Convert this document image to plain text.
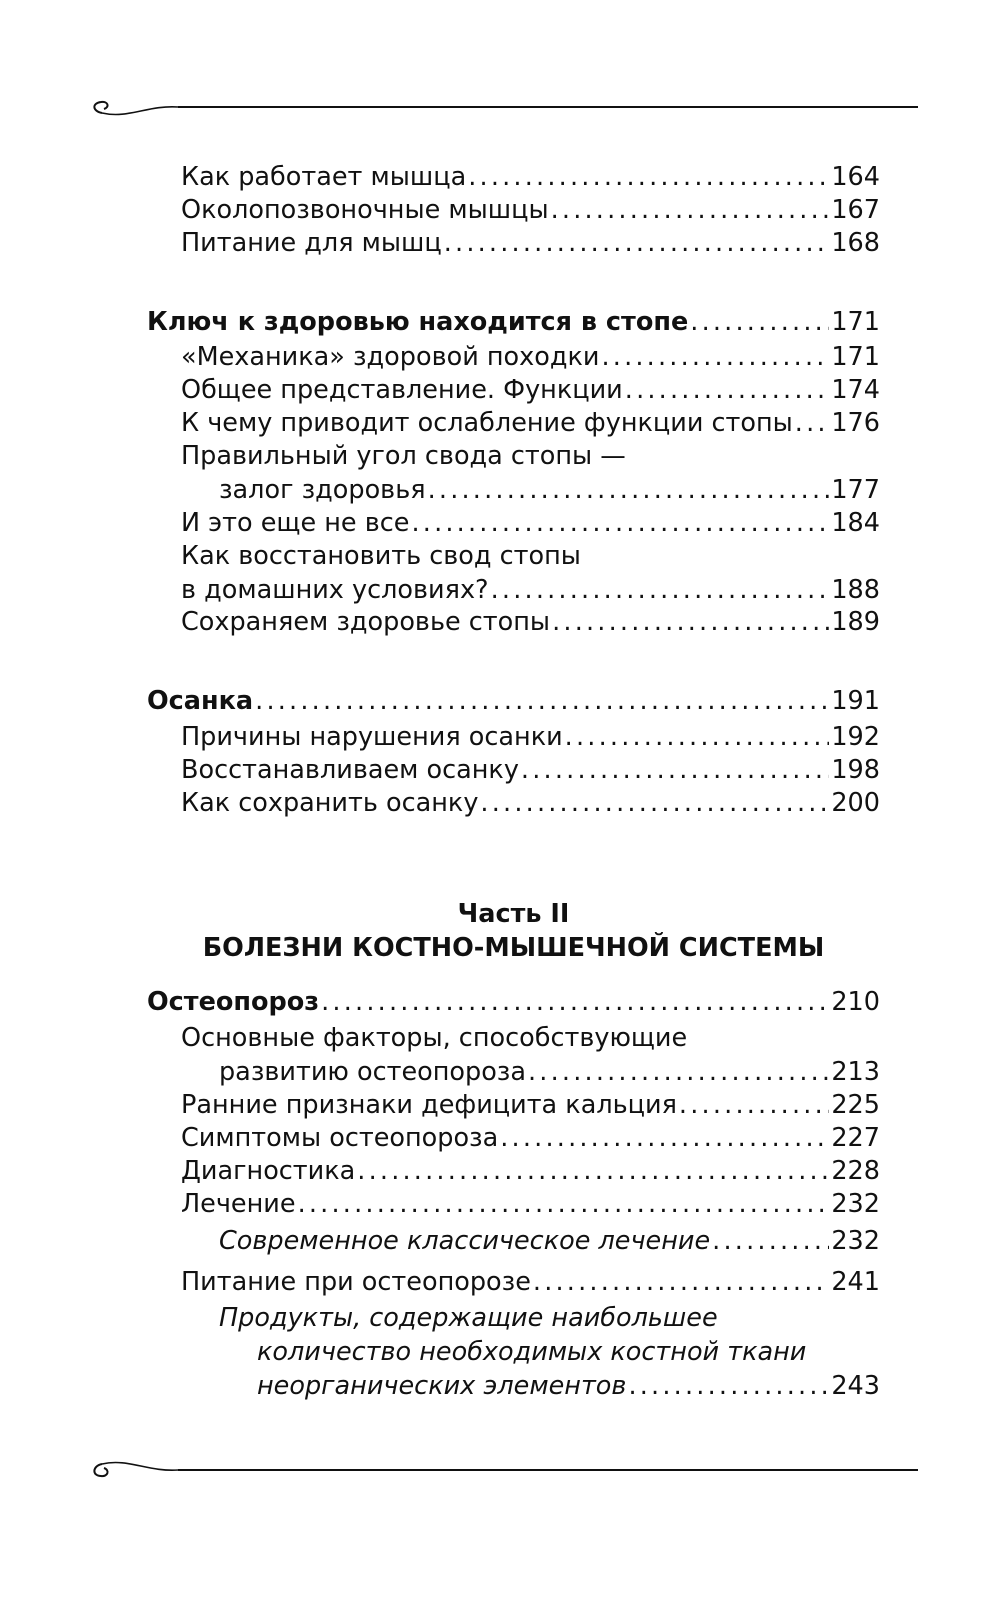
Как работает мышца .....	164
Околопозвоночные мышцы .....	167
Питание для мышц .....	168
Ключ к здоровью находится в стопе .....	171
«Механика» здоровой походки .....	171
Общее представление. Функции .....	174
К чему приводит ослабление функции стопы ..... 176
Правильный угол свода стопы —
залог здоровья .....	177
И это еще не все .....	184
Как восстановить свод стопы
в домашних условиях? .....	188
Сохраняем здоровье стопы .....	189
Осанка .....	191
Причины нарушения осанки .....	192
Восстанавливаем осанку .....	198
Как сохранить осанку .....	200
Остеопороз .....	210
Основные факторы, способствующие
развитию остеопороза .....	213
Ранние признаки дефицита кальция .....	225
Симптомы остеопороза .....	227
Диагностика .....	228
Лечение .....	232
Современное классическое лечение .....	232
Питание при остеопорозе .....	241
Продукты, содержащие наибольшее
количество необходимых костной ткани
неорганических элементов .....	243
Часть II
БОЛЕЗНИ КОСТНО-МЫШЕЧНОЙ СИСТЕМЫ
